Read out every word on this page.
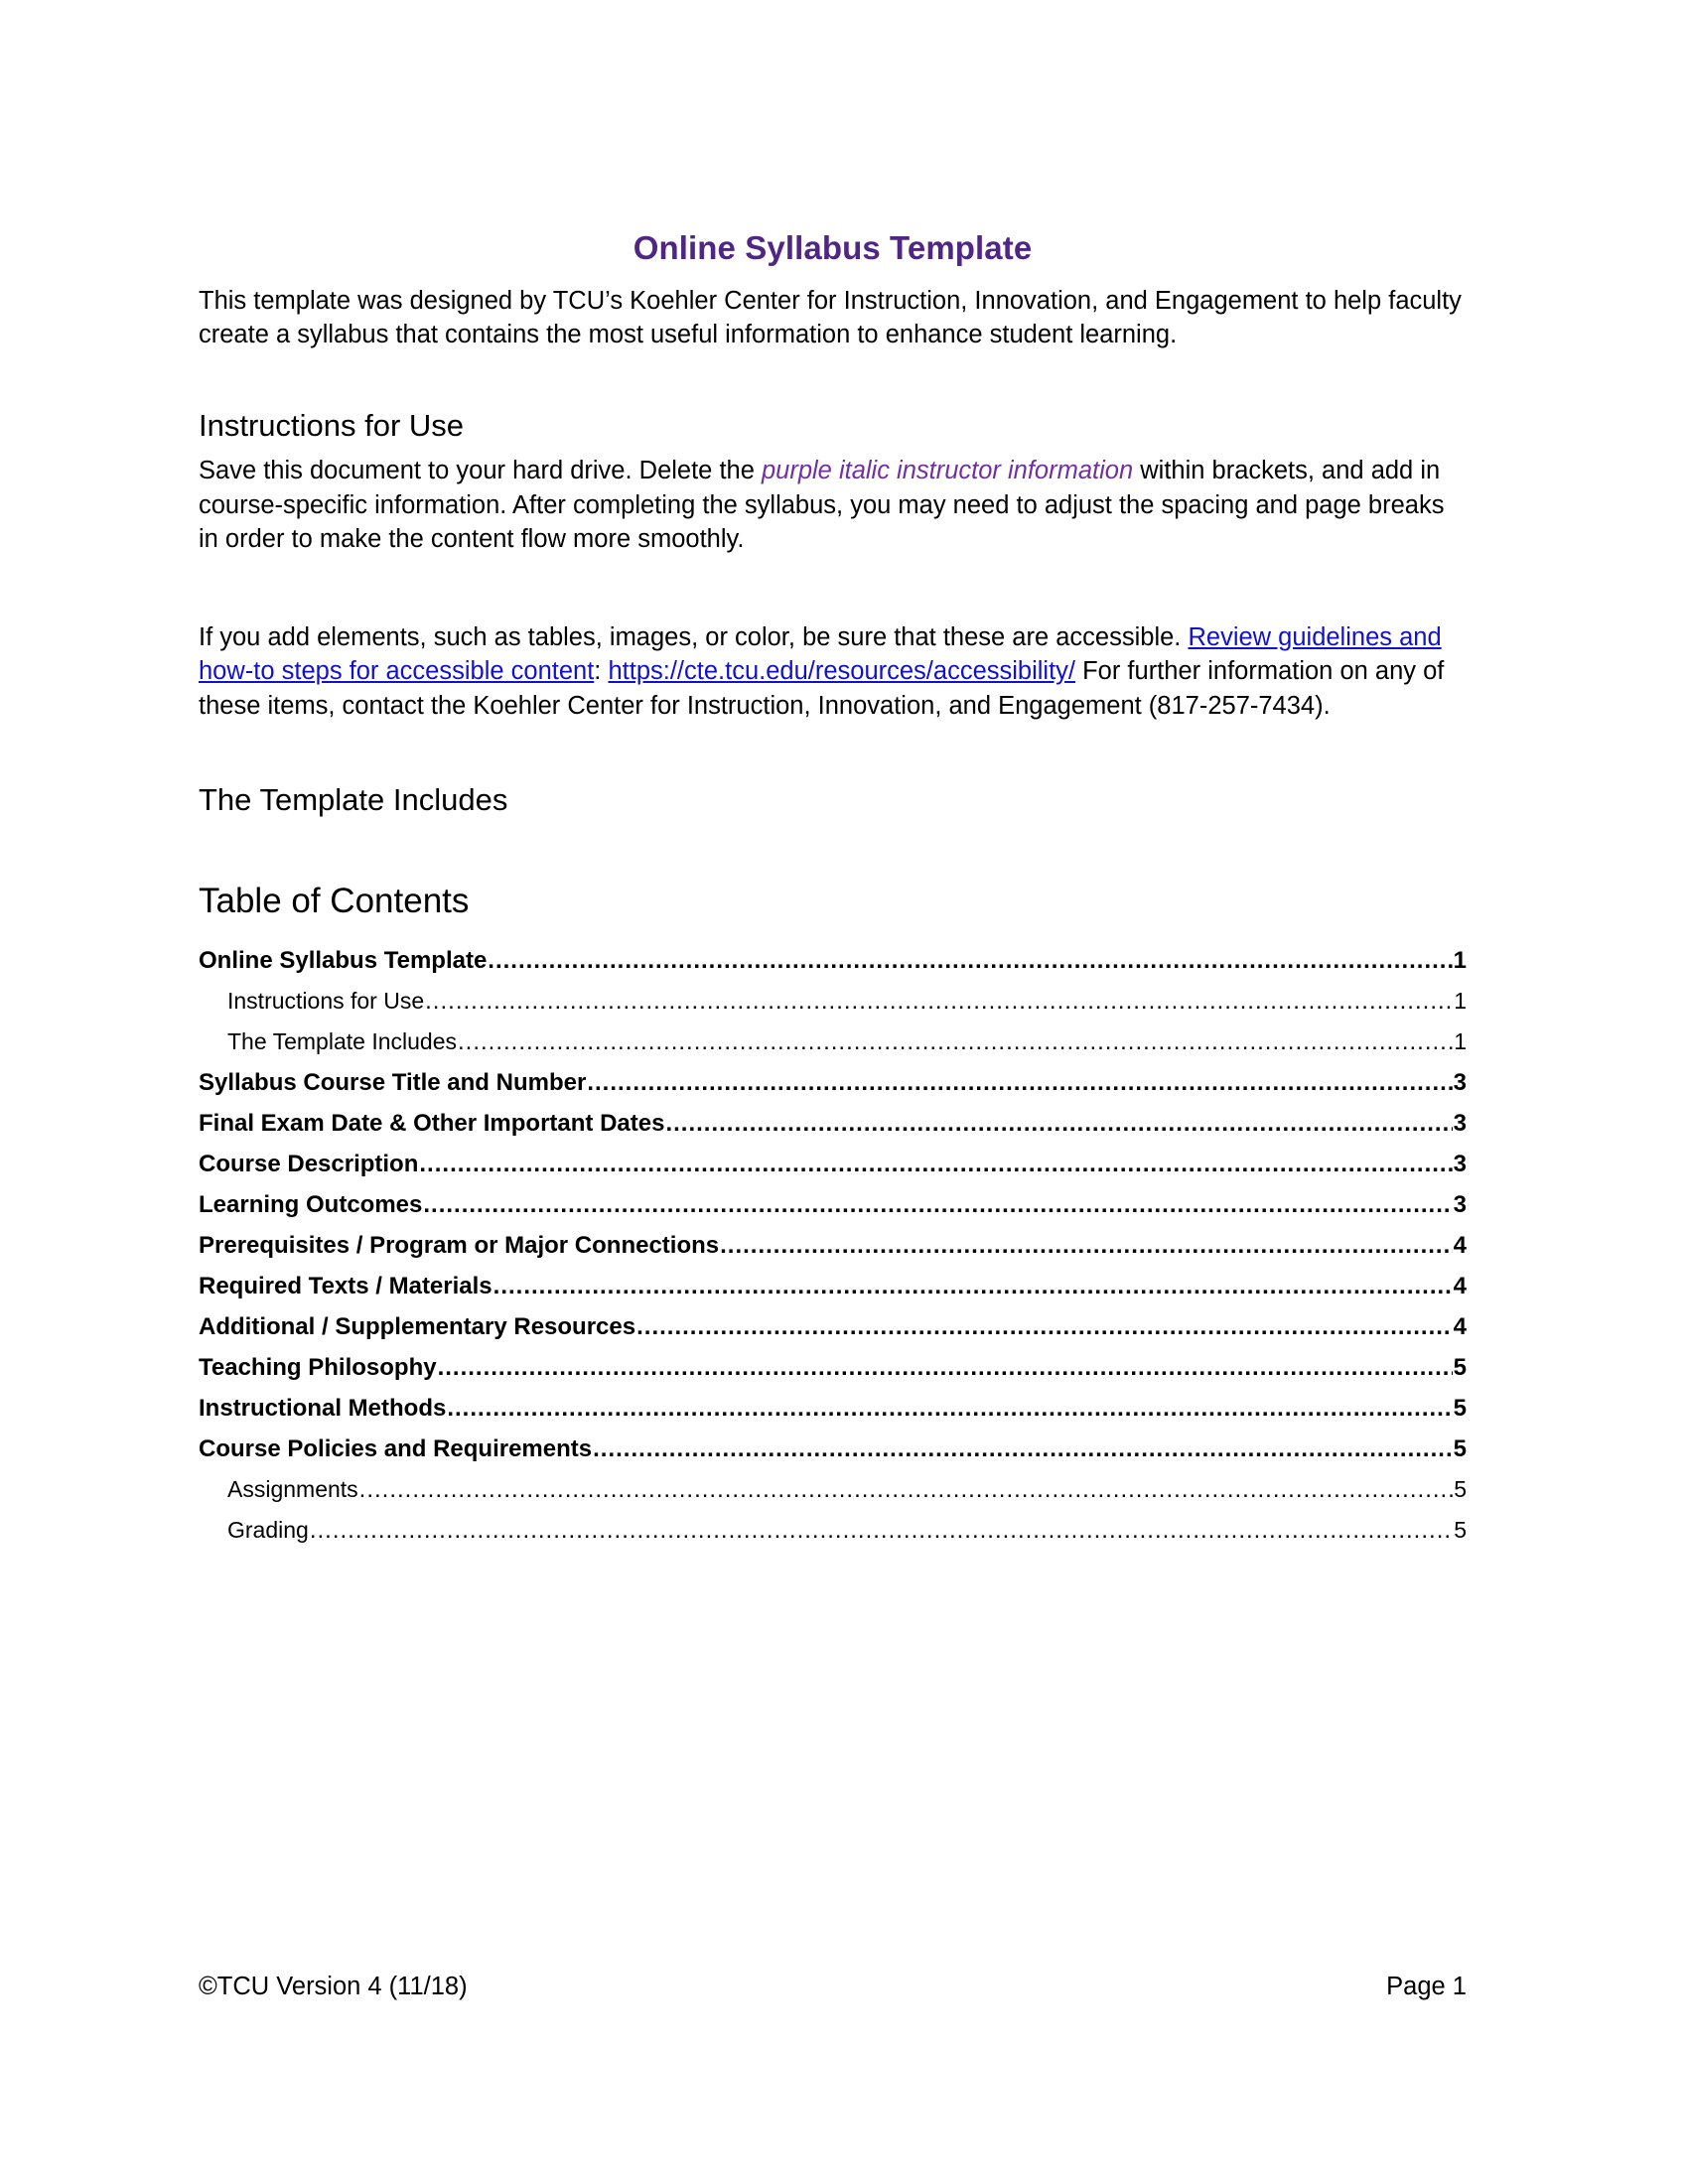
Online Syllabus Template

This template was designed by TCU’s Koehler Center for Instruction, Innovation, and Engagement to help faculty create a syllabus that contains the most useful information to enhance student learning.

Instructions for Use

Save this document to your hard drive. Delete the purple italic instructor information within brackets, and add in course-specific information. After completing the syllabus, you may need to adjust the spacing and page breaks in order to make the content flow more smoothly.

If you add elements, such as tables, images, or color, be sure that these are accessible. Review guidelines and how-to steps for accessible content: https://cte.tcu.edu/resources/accessibility/ For further information on any of these items, contact the Koehler Center for Instruction, Innovation, and Engagement (817-257-7434).

The Template Includes
Table of Contents
Online Syllabus Template .....	1
Instructions for Use .....	1
The Template Includes .....	1
Syllabus Course Title and Number .....	3
Final Exam Date & Other Important Dates .....	3
Course Description .....	3
Learning Outcomes .....	3
Prerequisites / Program or Major Connections .....	4
Required Texts / Materials .....	4
Additional / Supplementary Resources .....	4
Teaching Philosophy .....	5
Instructional Methods .....	5
Course Policies and Requirements .....	5
Assignments .....	5
Grading .....	5
©TCU Version 4 (11/18)	Page 1
